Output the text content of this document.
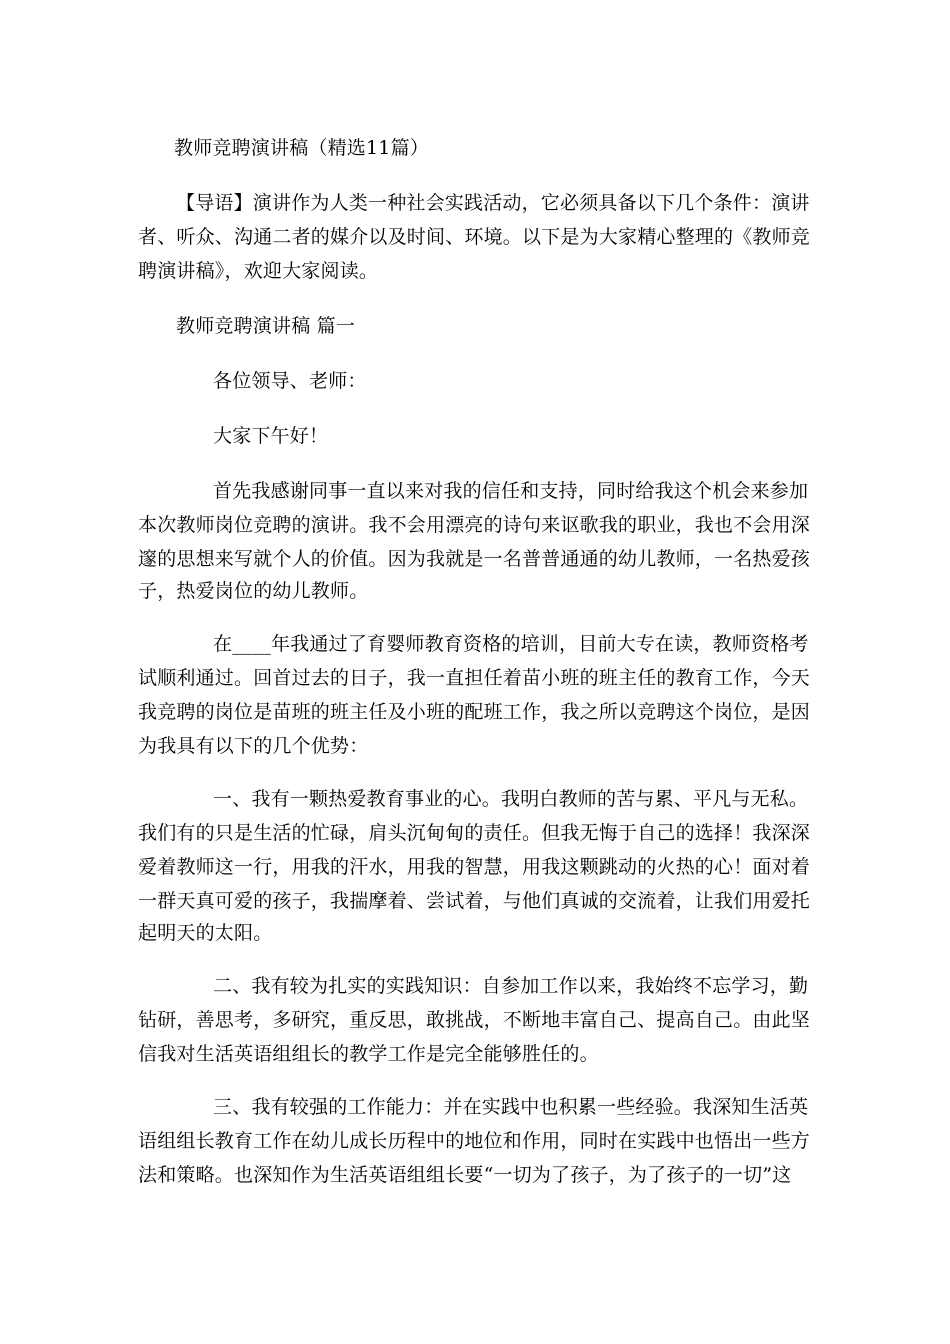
教师竞聘演讲稿（精选11篇）
【导语】演讲作为人类一种社会实践活动，它必须具备以下几个条件：演讲
者、听众、沟通二者的媒介以及时间、环境。以下是为大家精心整理的《教师竞
聘演讲稿》，欢迎大家阅读。
教师竞聘演讲稿 篇一
各位领导、老师：
大家下午好！
首先我感谢同事一直以来对我的信任和支持，同时给我这个机会来参加
本次教师岗位竞聘的演讲。我不会用漂亮的诗句来讴歌我的职业，我也不会用深
邃的思想来写就个人的价值。因为我就是一名普普通通的幼儿教师，一名热爱孩
子，热爱岗位的幼儿教师。
在____年我通过了育婴师教育资格的培训，目前大专在读，教师资格考
试顺利通过。回首过去的日子，我一直担任着苗小班的班主任的教育工作，今天
我竞聘的岗位是苗班的班主任及小班的配班工作，我之所以竞聘这个岗位，是因
为我具有以下的几个优势：
一、我有一颗热爱教育事业的心。我明白教师的苦与累、平凡与无私。
我们有的只是生活的忙碌，肩头沉甸甸的责任。但我无悔于自己的选择！我深深
爱着教师这一行，用我的汗水，用我的智慧，用我这颗跳动的火热的心！面对着
一群天真可爱的孩子，我揣摩着、尝试着，与他们真诚的交流着，让我们用爱托
起明天的太阳。
二、我有较为扎实的实践知识：自参加工作以来，我始终不忘学习，勤
钻研，善思考，多研究，重反思，敢挑战，不断地丰富自己、提高自己。由此坚
信我对生活英语组组长的教学工作是完全能够胜任的。
三、我有较强的工作能力：并在实践中也积累一些经验。我深知生活英
语组组长教育工作在幼儿成长历程中的地位和作用，同时在实践中也悟出一些方
法和策略。也深知作为生活英语组组长要“一切为了孩子，为了孩子的一切”这
